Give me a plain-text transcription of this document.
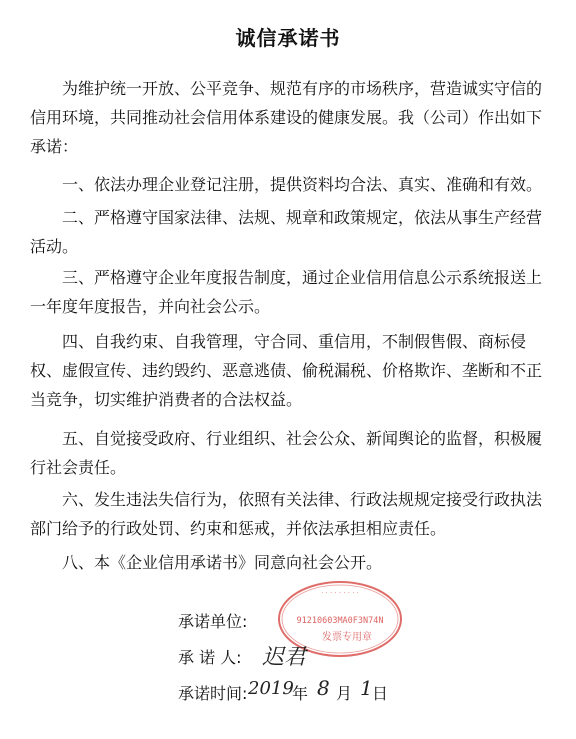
诚信承诺书
为维护统一开放、公平竞争、规范有序的市场秩序，营造诚实守信的信用环境，共同推动社会信用体系建设的健康发展。我（公司）作出如下承诺：
一、依法办理企业登记注册，提供资料均合法、真实、准确和有效。
二、严格遵守国家法律、法规、规章和政策规定，依法从事生产经营活动。
三、严格遵守企业年度报告制度，通过企业信用信息公示系统报送上一年度年度报告，并向社会公示。
四、自我约束、自我管理，守合同、重信用，不制假售假、商标侵权、虚假宣传、违约毁约、恶意逃债、偷税漏税、价格欺诈、垄断和不正当竞争，切实维护消费者的合法权益。
五、自觉接受政府、行业组织、社会公众、新闻舆论的监督，积极履行社会责任。
六、发生违法失信行为，依照有关法律、行政法规规定接受行政执法部门给予的行政处罚、约束和惩戒，并依法承担相应责任。
八、本《企业信用承诺书》同意向社会公开。
· · · · · · · · ·
91210603MA0F3N74N
发票专用章
承诺单位:
承 诺 人: 迟君
承诺时间: 2019
年 8 月 1 日
